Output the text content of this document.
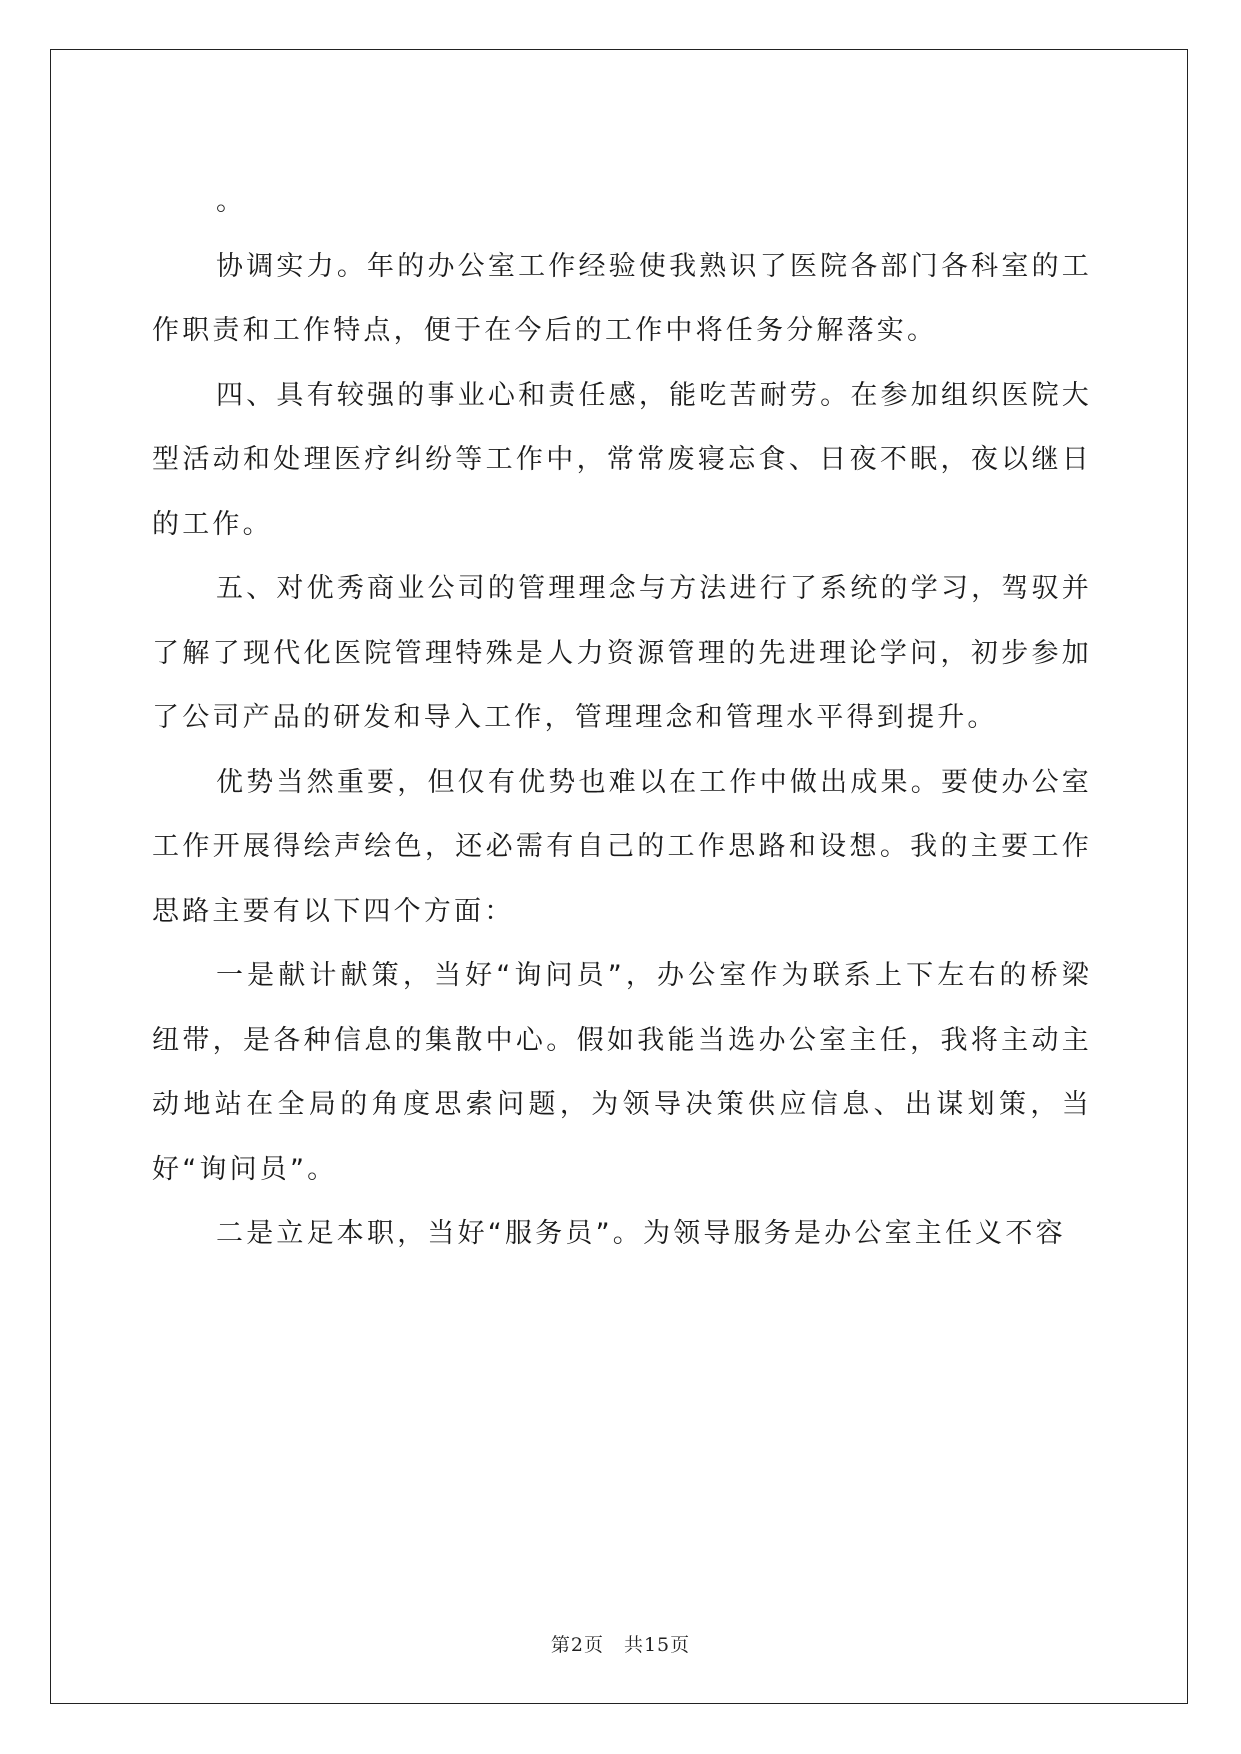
。

协调实力。年的办公室工作经验使我熟识了医院各部门各科室的工作职责和工作特点，便于在今后的工作中将任务分解落实。

四、具有较强的事业心和责任感，能吃苦耐劳。在参加组织医院大型活动和处理医疗纠纷等工作中，常常废寝忘食、日夜不眠，夜以继日的工作。

五、对优秀商业公司的管理理念与方法进行了系统的学习，驾驭并了解了现代化医院管理特殊是人力资源管理的先进理论学问，初步参加了公司产品的研发和导入工作，管理理念和管理水平得到提升。

优势当然重要，但仅有优势也难以在工作中做出成果。要使办公室工作开展得绘声绘色，还必需有自己的工作思路和设想。我的主要工作思路主要有以下四个方面：

一是献计献策，当好“询问员”，办公室作为联系上下左右的桥梁纽带，是各种信息的集散中心。假如我能当选办公室主任，我将主动主动地站在全局的角度思索问题，为领导决策供应信息、出谋划策，当好“询问员”。

二是立足本职，当好“服务员”。为领导服务是办公室主任义不容

第2页　共15页
